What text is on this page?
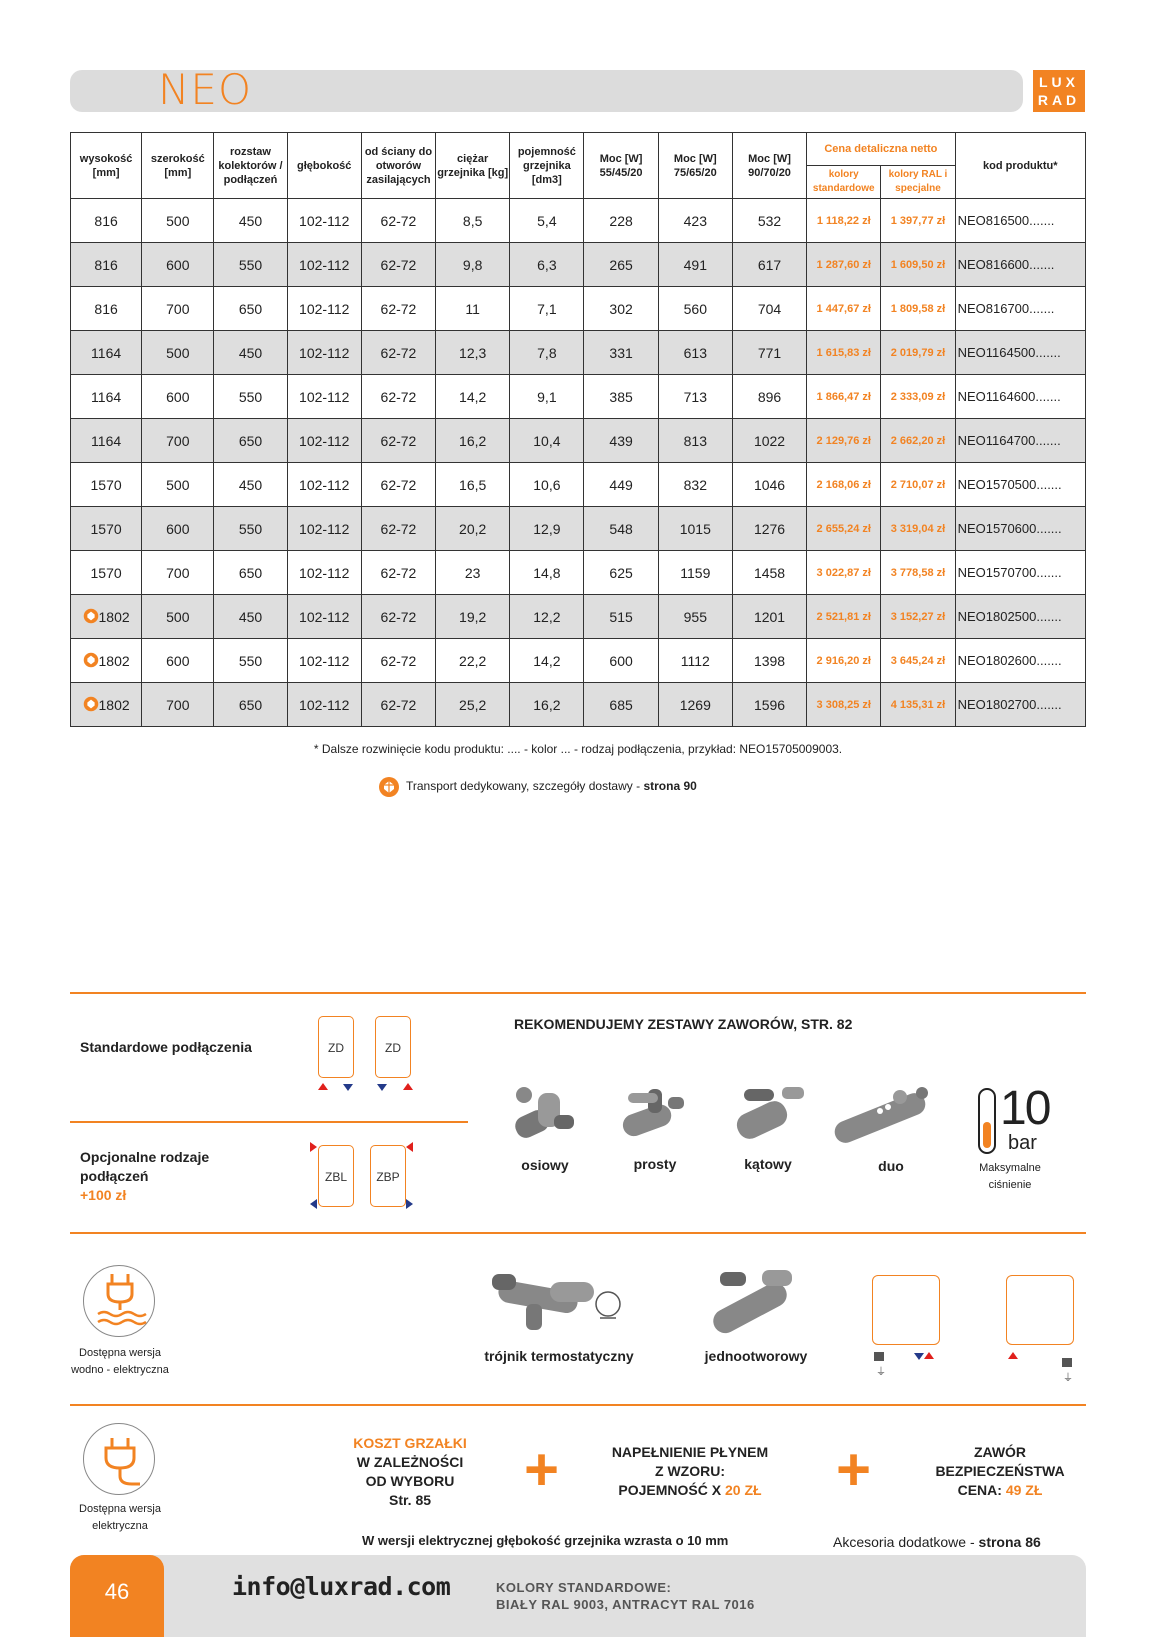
NEO	LUX
RAD
wysokość [mm]	szerokość [mm]	rozstaw kolektorów / podłączeń	głębokość	od ściany do otworów zasilających	ciężar grzejnika [kg]	pojemność grzejnika [dm3]	Moc [W] 55/45/20	Moc [W] 75/65/20	Moc [W] 90/70/20	Cena detaliczna netto		kod produktu*
										kolory standardowe	kolory RAL i specjalne	
816	500	450	102-112	62-72	8,5	5,4	228	423	532	1 118,22 zł	1 397,77 zł	NEO816500.......
816	600	550	102-112	62-72	9,8	6,3	265	491	617	1 287,60 zł	1 609,50 zł	NEO816600.......
816	700	650	102-112	62-72	11	7,1	302	560	704	1 447,67 zł	1 809,58 zł	NEO816700.......
1164	500	450	102-112	62-72	12,3	7,8	331	613	771	1 615,83 zł	2 019,79 zł	NEO1164500.......
1164	600	550	102-112	62-72	14,2	9,1	385	713	896	1 866,47 zł	2 333,09 zł	NEO1164600.......
1164	700	650	102-112	62-72	16,2	10,4	439	813	1022	2 129,76 zł	2 662,20 zł	NEO1164700.......
1570	500	450	102-112	62-72	16,5	10,6	449	832	1046	2 168,06 zł	2 710,07 zł	NEO1570500.......
1570	600	550	102-112	62-72	20,2	12,9	548	1015	1276	2 655,24 zł	3 319,04 zł	NEO1570600.......
1570	700	650	102-112	62-72	23	14,8	625	1159	1458	3 022,87 zł	3 778,58 zł	NEO1570700.......
1802	500	450	102-112	62-72	19,2	12,2	515	955	1201	2 521,81 zł	3 152,27 zł	NEO1802500.......
1802	600	550	102-112	62-72	22,2	14,2	600	1112	1398	2 916,20 zł	3 645,24 zł	NEO1802600.......
1802	700	650	102-112	62-72	25,2	16,2	685	1269	1596	3 308,25 zł	4 135,31 zł	NEO1802700.......
* Dalsze rozwinięcie kodu produktu: .... - kolor ... - rodzaj podłączenia, przykład: NEO15705009003.
Transport dedykowany, szczegóły dostawy - strona 90
Standardowe podłączenia	ZD	ZD
Opcjonalne rodzaje
podłączeń
+100 zł
ZBL	ZBP
REKOMENDUJEMY ZESTAWY ZAWORÓW, STR. 82
osiowy	prosty	kątowy	duo
10
bar
Maksymalne
ciśnienie
Dostępna wersja
wodno - elektryczna
trójnik termostatyczny	jednootworowy
⏚
⏚
Dostępna wersja
elektryczna
KOSZT GRZAŁKI
W ZALEŻNOŚCI
OD WYBORU
Str. 85	+	NAPEŁNIENIE PŁYNEM
Z WZORU:
POJEMNOŚĆ X 20 ZŁ	+	ZAWÓR
BEZPIECZEŃSTWA
CENA: 49 ZŁ
W wersji elektrycznej głębokość grzejnika wzrasta o 10 mm	Akcesoria dodatkowe - strona 86
46	info@luxrad.com	KOLORY STANDARDOWE:
BIAŁY RAL 9003, ANTRACYT RAL 7016
